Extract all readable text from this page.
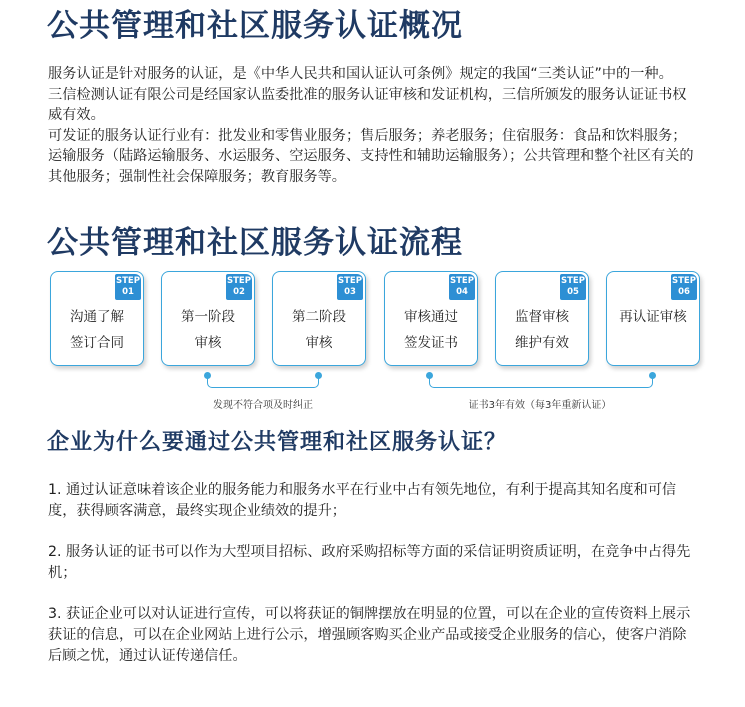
公共管理和社区服务认证概况

服务认证是针对服务的认证，是《中华人民共和国认证认可条例》规定的我国“三类认证”中的一种。

三信检测认证有限公司是经国家认监委批准的服务认证审核和发证机构，三信所颁发的服务认证证书权威有效。

可发证的服务认证行业有：批发业和零售业服务；售后服务；养老服务；住宿服务：食品和饮料服务；运输服务（陆路运输服务、水运服务、空运服务、支持性和辅助运输服务）；公共管理和整个社区有关的其他服务；强制性社会保障服务；教育服务等。

公共管理和社区服务认证流程
STEP
01
沟通了解
签订合同
STEP
02
第一阶段
审核
STEP
03
第二阶段
审核
STEP
04
审核通过
签发证书
STEP
05
监督审核
维护有效
STEP
06
再认证审核
发现不符合项及时纠正	证书3年有效（每3年重新认证）
企业为什么要通过公共管理和社区服务认证？
1. 通过认证意味着该企业的服务能力和服务水平在行业中占有领先地位，有利于提高其知名度和可信度，获得顾客满意，最终实现企业绩效的提升；
2. 服务认证的证书可以作为大型项目招标、政府采购招标等方面的采信证明资质证明，在竞争中占得先机；
3. 获证企业可以对认证进行宣传，可以将获证的铜牌摆放在明显的位置，可以在企业的宣传资料上展示获证的信息，可以在企业网站上进行公示，增强顾客购买企业产品或接受企业服务的信心，使客户消除后顾之忧，通过认证传递信任。
